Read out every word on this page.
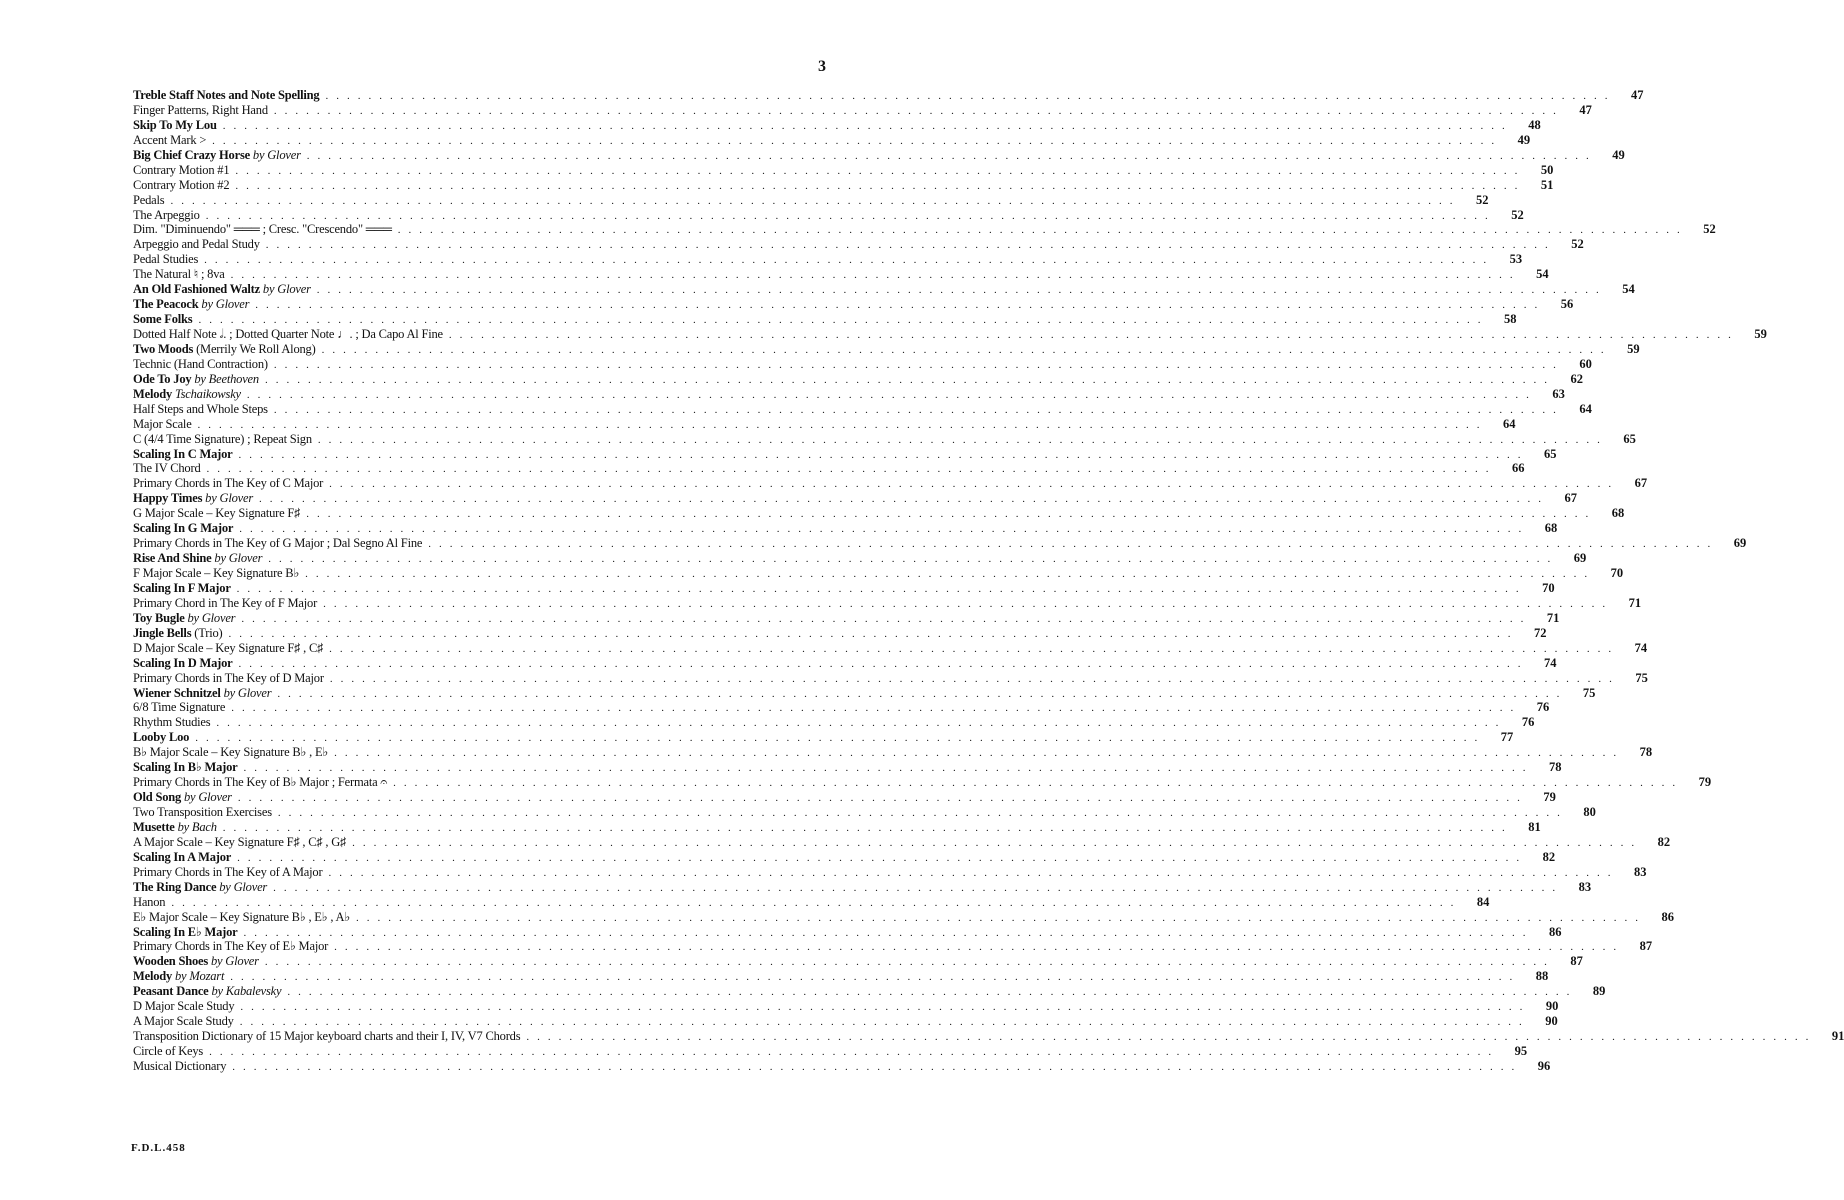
3
Treble Staff Notes and Note Spelling ........................................................................................................................	47
Finger Patterns, Right Hand ........................................................................................................................	47
Skip To My Lou ........................................................................................................................	48
Accent Mark > ........................................................................................................................	49
Big Chief Crazy Horse by Glover ........................................................................................................................	49
Contrary Motion #1 ........................................................................................................................	50
Contrary Motion #2 ........................................................................................................................	51
Pedals ........................................................................................................................	52
The Arpeggio ........................................................................................................................	52
Dim. "Diminuendo" ═══ ; Cresc. "Crescendo" ═══ ........................................................................................................................	52
Arpeggio and Pedal Study ........................................................................................................................	52
Pedal Studies ........................................................................................................................	53
The Natural ♮ ; 8va ........................................................................................................................	54
An Old Fashioned Waltz by Glover ........................................................................................................................	54
The Peacock by Glover ........................................................................................................................	56
Some Folks ........................................................................................................................	58
Dotted Half Note 𝅗𝅥. ; Dotted Quarter Note ♩. ; Da Capo Al Fine ........................................................................................................................	59
Two Moods (Merrily We Roll Along) ........................................................................................................................	59
Technic (Hand Contraction) ........................................................................................................................	60
Ode To Joy by Beethoven ........................................................................................................................	62
Melody Tschaikowsky ........................................................................................................................	63
Half Steps and Whole Steps ........................................................................................................................	64
Major Scale ........................................................................................................................	64
C (4/4 Time Signature) ; Repeat Sign ........................................................................................................................	65
Scaling In C Major ........................................................................................................................	65
The IV Chord ........................................................................................................................	66
Primary Chords in The Key of C Major ........................................................................................................................	67
Happy Times by Glover ........................................................................................................................	67
G Major Scale – Key Signature F♯ ........................................................................................................................	68
Scaling In G Major ........................................................................................................................	68
Primary Chords in The Key of G Major ; Dal Segno Al Fine ........................................................................................................................	69
Rise And Shine by Glover ........................................................................................................................	69
F Major Scale – Key Signature B♭ ........................................................................................................................	70
Scaling In F Major ........................................................................................................................	70
Primary Chord in The Key of F Major ........................................................................................................................	71
Toy Bugle by Glover ........................................................................................................................	71
Jingle Bells (Trio) ........................................................................................................................	72
D Major Scale – Key Signature F♯ , C♯ ........................................................................................................................	74
Scaling In D Major ........................................................................................................................	74
Primary Chords in The Key of D Major ........................................................................................................................	75
Wiener Schnitzel by Glover ........................................................................................................................	75
6/8 Time Signature ........................................................................................................................	76
Rhythm Studies ........................................................................................................................	76
Looby Loo ........................................................................................................................	77
B♭ Major Scale – Key Signature B♭ , E♭ ........................................................................................................................	78
Scaling In B♭ Major ........................................................................................................................	78
Primary Chords in The Key of B♭ Major ; Fermata 𝄐 ........................................................................................................................	79
Old Song by Glover ........................................................................................................................	79
Two Transposition Exercises ........................................................................................................................	80
Musette by Bach ........................................................................................................................	81
A Major Scale – Key Signature F♯ , C♯ , G♯ ........................................................................................................................	82
Scaling In A Major ........................................................................................................................	82
Primary Chords in The Key of A Major ........................................................................................................................	83
The Ring Dance by Glover ........................................................................................................................	83
Hanon ........................................................................................................................	84
E♭ Major Scale – Key Signature B♭ , E♭ , A♭ ........................................................................................................................	86
Scaling In E♭ Major ........................................................................................................................	86
Primary Chords in The Key of E♭ Major ........................................................................................................................	87
Wooden Shoes by Glover ........................................................................................................................	87
Melody by Mozart ........................................................................................................................	88
Peasant Dance by Kabalevsky ........................................................................................................................	89
D Major Scale Study ........................................................................................................................	90
A Major Scale Study ........................................................................................................................	90
Transposition Dictionary of 15 Major keyboard charts and their I, IV, V7 Chords ........................................................................................................................	91
Circle of Keys ........................................................................................................................	95
Musical Dictionary ........................................................................................................................	96
F.D.L.458
